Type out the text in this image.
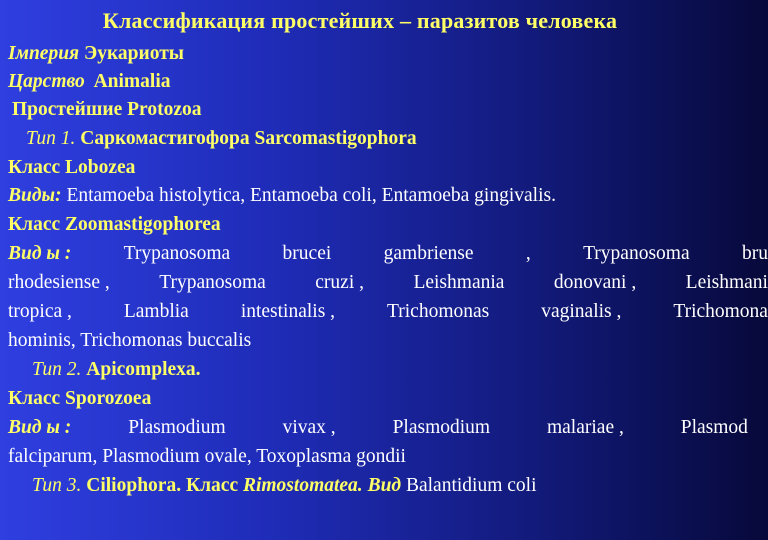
Классификация простейших – паразитов человека
Імперия Эукариоты
Царство Animalia
Простейшие Protozoa
Тип 1. Саркомастигофора Sarcomastigophora
Класс Lobozea
Виды: Entamoeba histolytica, Entamoeba coli, Entamoeba gingivalis.
Класс Zoomastigophorea
Вид ы :	Trypanosoma	brucei	gambriense	,	Trypanosoma	bru
rhodesiense ,	Trypanosoma	cruzi ,	Leishmania	donovani ,	Leishmani
tropica ,	Lamblia	intestinalis ,	Trichomonas	vaginalis ,	Trichomona
hominis, Trichomonas buccalis
Тип 2. Apicomplexa.
Класс Sporozoea
Вид ы :	Plasmodium	vivax ,	Plasmodium	malariae ,	Plasmod
falciparum, Plasmodium ovale, Toxoplasma gondii
Тип 3. Ciliophora. Класс Rimostomatea. Вид Balantidium coli
